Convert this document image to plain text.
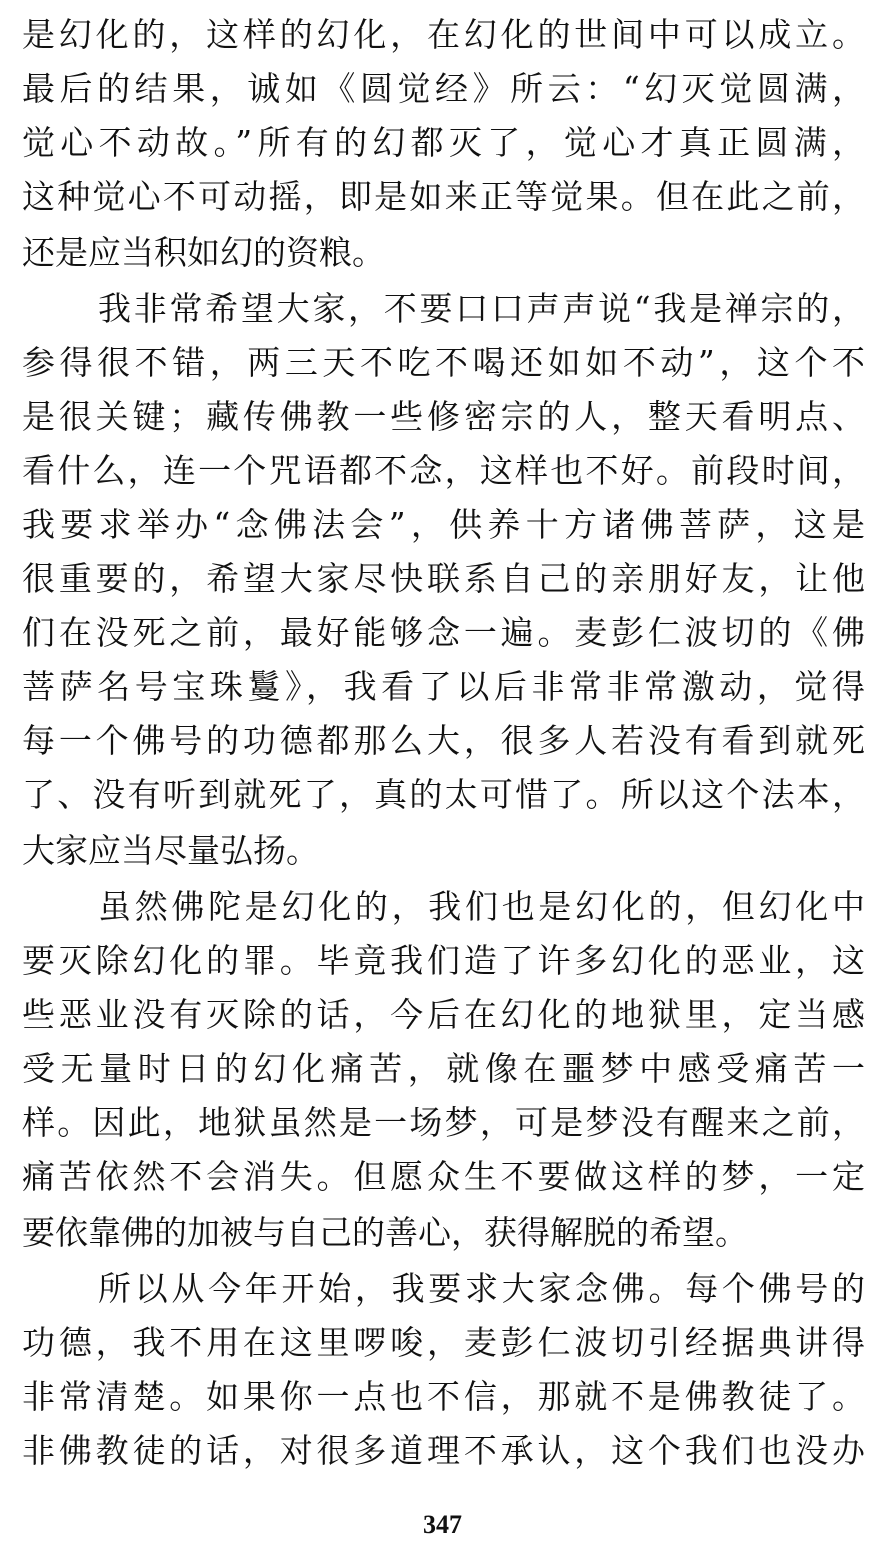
是幻化的，这样的幻化，在幻化的世间中可以成立。
最后的结果，诚如《圆觉经》所云：“幻灭觉圆满，
觉心不动故。”所有的幻都灭了，觉心才真正圆满，
这种觉心不可动摇，即是如来正等觉果。但在此之前，
还是应当积如幻的资粮。
我非常希望大家，不要口口声声说“我是禅宗的，
参得很不错，两三天不吃不喝还如如不动”，这个不
是很关键；藏传佛教一些修密宗的人，整天看明点、
看什么，连一个咒语都不念，这样也不好。前段时间，
我要求举办“念佛法会”，供养十方诸佛菩萨，这是
很重要的，希望大家尽快联系自己的亲朋好友，让他
们在没死之前，最好能够念一遍。麦彭仁波切的《佛
菩萨名号宝珠鬘》，我看了以后非常非常激动，觉得
每一个佛号的功德都那么大，很多人若没有看到就死
了、没有听到就死了，真的太可惜了。所以这个法本，
大家应当尽量弘扬。
虽然佛陀是幻化的，我们也是幻化的，但幻化中
要灭除幻化的罪。毕竟我们造了许多幻化的恶业，这
些恶业没有灭除的话，今后在幻化的地狱里，定当感
受无量时日的幻化痛苦，就像在噩梦中感受痛苦一
样。因此，地狱虽然是一场梦，可是梦没有醒来之前，
痛苦依然不会消失。但愿众生不要做这样的梦，一定
要依靠佛的加被与自己的善心，获得解脱的希望。
所以从今年开始，我要求大家念佛。每个佛号的
功德，我不用在这里啰唆，麦彭仁波切引经据典讲得
非常清楚。如果你一点也不信，那就不是佛教徒了。
非佛教徒的话，对很多道理不承认，这个我们也没办
347
